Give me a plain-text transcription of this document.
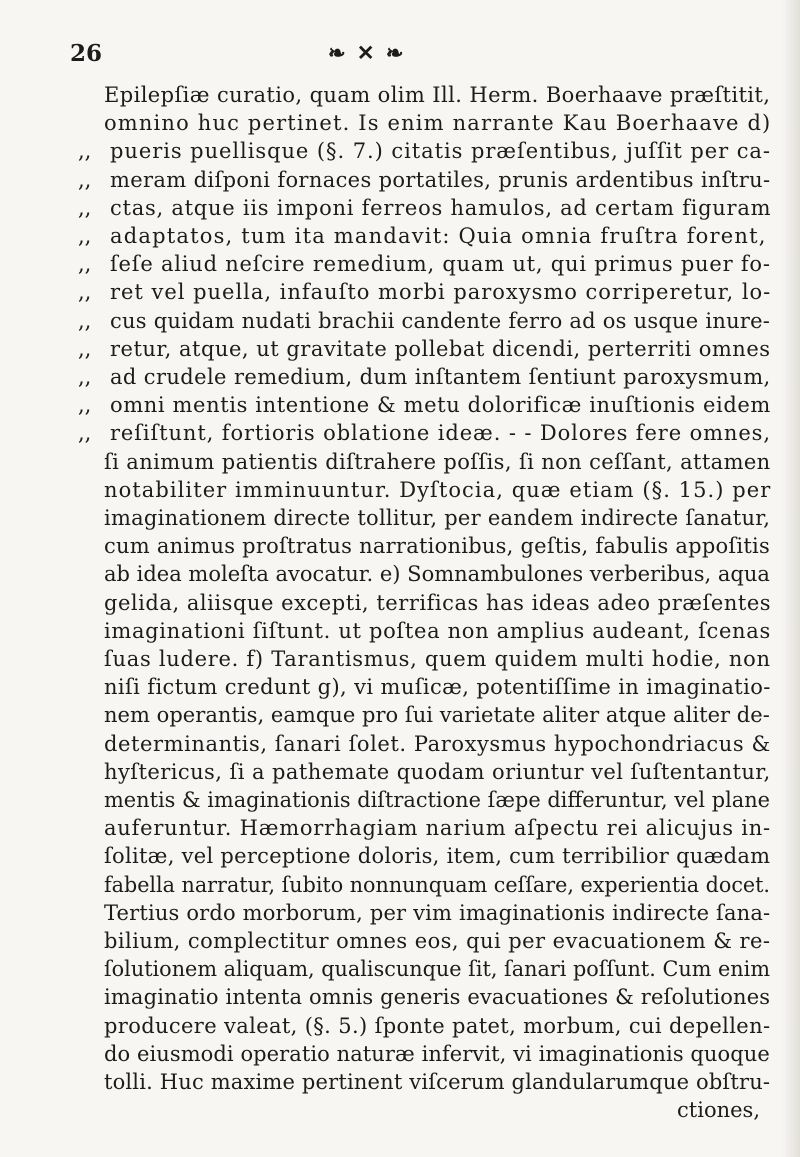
26	❧ ✕ ❧
Epilepſiæ curatio, quam olim Ill. Herm. Boerhaave præſtitit,
omnino huc pertinet. Is enim narrante Kau Boerhaave d)
,, pueris puellisque (§. 7.) citatis præſentibus, juſſit per ca-
,, meram diſponi fornaces portatiles, prunis ardentibus inſtru-
,, ctas, atque iis imponi ferreos hamulos, ad certam figuram
,, adaptatos, tum ita mandavit: Quia omnia fruſtra forent,
,, ſeſe aliud neſcire remedium, quam ut, qui primus puer fo-
,, ret vel puella, infauſto morbi paroxysmo corriperetur, lo-
,, cus quidam nudati brachii candente ferro ad os usque inure-
,, retur, atque, ut gravitate pollebat dicendi, perterriti omnes
,, ad crudele remedium, dum inſtantem ſentiunt paroxysmum,
,, omni mentis intentione & metu dolorificæ inuſtionis eidem
,, reſiſtunt, fortioris oblatione ideæ. - - Dolores fere omnes,
ſi animum patientis diſtrahere poſſis, ſi non ceſſant, attamen
notabiliter imminuuntur. Dyſtocia, quæ etiam (§. 15.) per
imaginationem directe tollitur, per eandem indirecte ſanatur,
cum animus proſtratus narrationibus, geſtis, fabulis appoſitis
ab idea moleſta avocatur. e) Somnambulones verberibus, aqua
gelida, aliisque excepti, terrificas has ideas adeo præſentes
imaginationi ſiſtunt. ut poſtea non amplius audeant, ſcenas
ſuas ludere. f) Tarantismus, quem quidem multi hodie, non
niſi fictum credunt g), vi muſicæ, potentiſſime in imaginatio-
nem operantis, eamque pro ſui varietate aliter atque aliter de-
determinantis, ſanari ſolet. Paroxysmus hypochondriacus &
hyſtericus, ſi a pathemate quodam oriuntur vel ſuſtentantur,
mentis & imaginationis diſtractione ſæpe differuntur, vel plane
auferuntur. Hæmorrhagiam narium aſpectu rei alicujus in-
ſolitæ, vel perceptione doloris, item, cum terribilior quædam
fabella narratur, ſubito nonnunquam ceſſare, experientia docet.
Tertius ordo morborum, per vim imaginationis indirecte ſana-
bilium, complectitur omnes eos, qui per evacuationem & re-
ſolutionem aliquam, qualiscunque ſit, ſanari poſſunt. Cum enim
imaginatio intenta omnis generis evacuationes & reſolutiones
producere valeat, (§. 5.) ſponte patet, morbum, cui depellen-
do eiusmodi operatio naturæ infervit, vi imaginationis quoque
tolli. Huc maxime pertinent viſcerum glandularumque obſtru-
ctiones,
